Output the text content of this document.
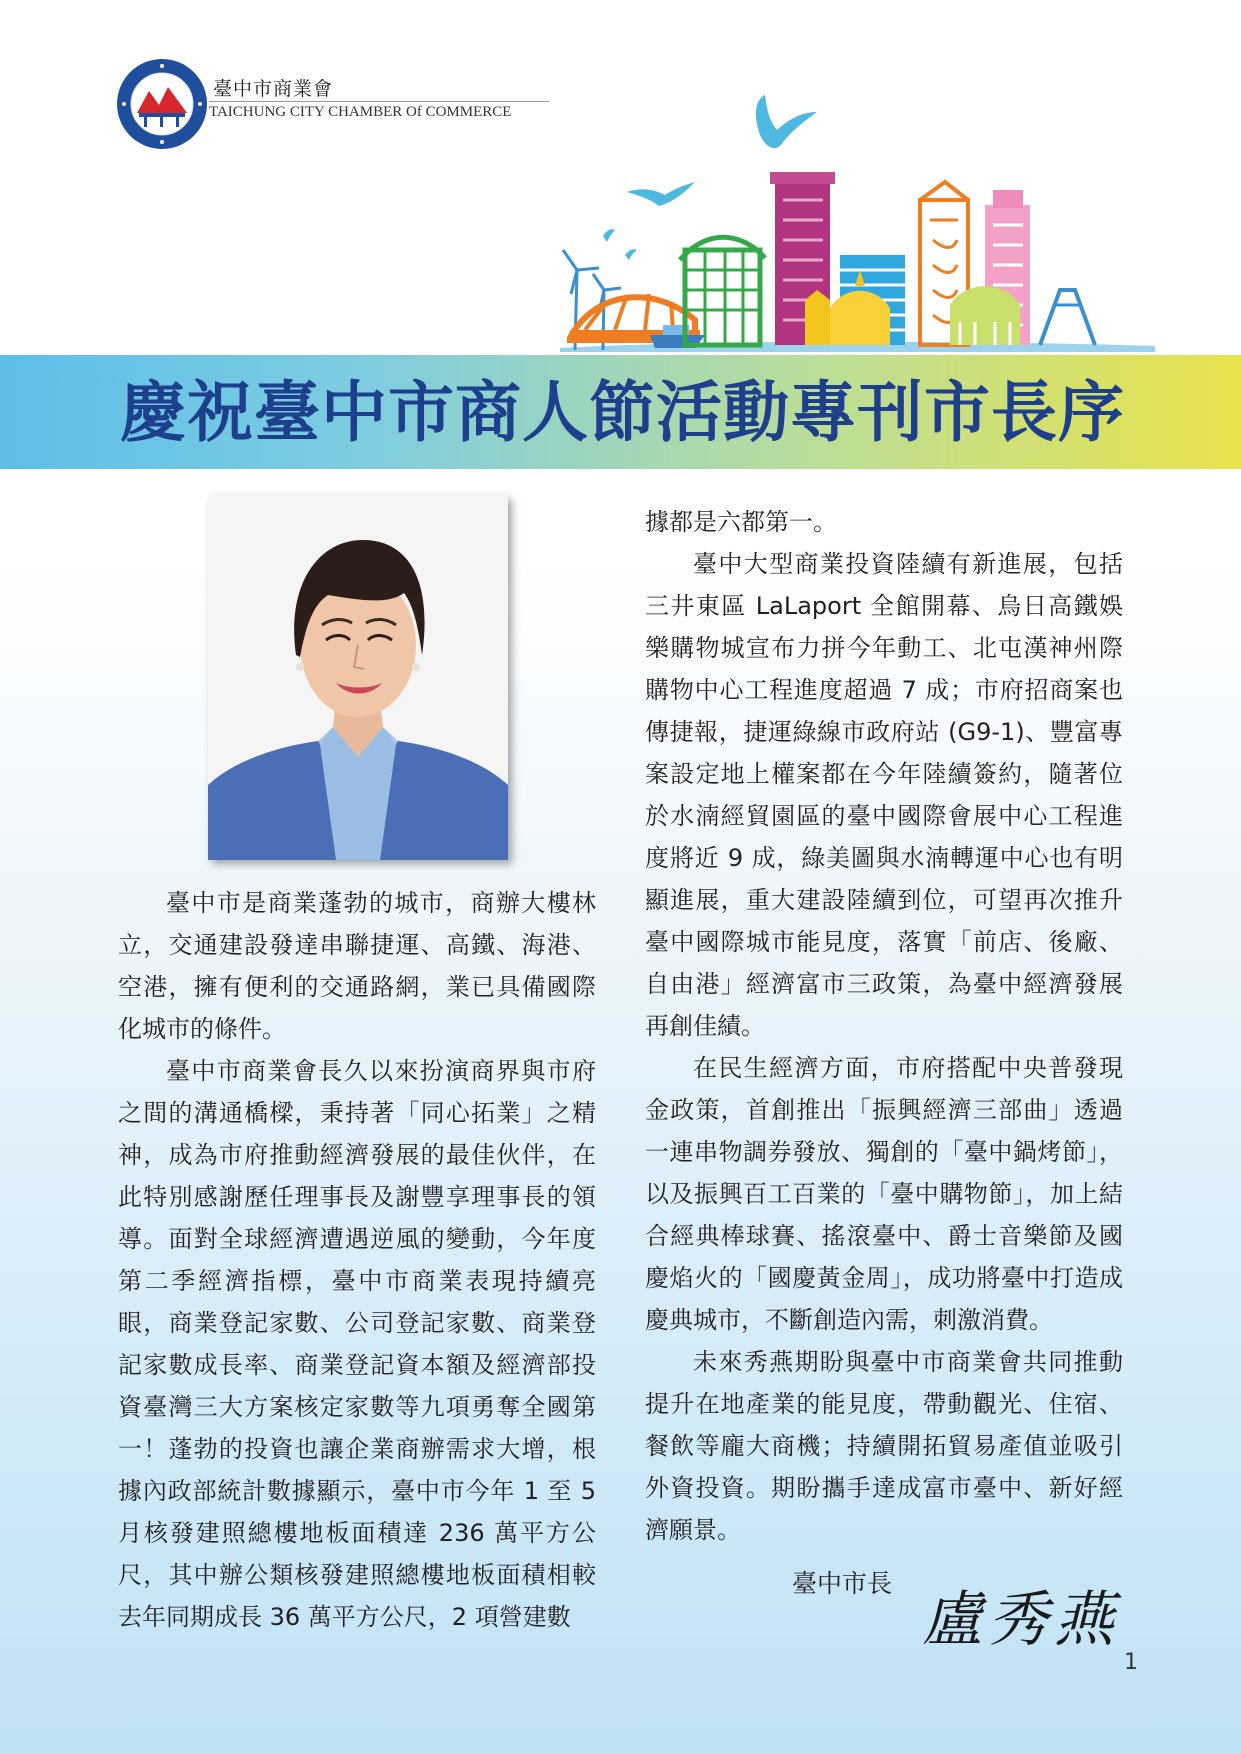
臺中市商業會
TAICHUNG CITY CHAMBER Of COMMERCE
慶祝臺中市商人節活動專刊市長序

臺中市是商業蓬勃的城市，商辦大樓林立，交通建設發達串聯捷運、高鐵、海港、空港，擁有便利的交通路網，業已具備國際化城市的條件。

臺中市商業會長久以來扮演商界與市府之間的溝通橋樑，秉持著「同心拓業」之精神，成為市府推動經濟發展的最佳伙伴，在此特別感謝歷任理事長及謝豐享理事長的領導。面對全球經濟遭遇逆風的變動，今年度第二季經濟指標，臺中市商業表現持續亮眼，商業登記家數、公司登記家數、商業登記家數成長率、商業登記資本額及經濟部投資臺灣三大方案核定家數等九項勇奪全國第一！蓬勃的投資也讓企業商辦需求大增，根據內政部統計數據顯示，臺中市今年 1 至 5 月核發建照總樓地板面積達 236 萬平方公尺，其中辦公類核發建照總樓地板面積相較去年同期成長 36 萬平方公尺，2 項營建數

據都是六都第一。

臺中大型商業投資陸續有新進展，包括三井東區 LaLaport 全館開幕、烏日高鐵娛樂購物城宣布力拼今年動工、北屯漢神州際購物中心工程進度超過 7 成；市府招商案也傳捷報，捷運綠線市政府站 (G9-1)、豐富專案設定地上權案都在今年陸續簽約，隨著位於水湳經貿園區的臺中國際會展中心工程進度將近 9 成，綠美圖與水湳轉運中心也有明顯進展，重大建設陸續到位，可望再次推升臺中國際城市能見度，落實「前店、後廠、自由港」經濟富市三政策，為臺中經濟發展再創佳績。

在民生經濟方面，市府搭配中央普發現金政策，首創推出「振興經濟三部曲」透過一連串物調券發放、獨創的「臺中鍋烤節」，以及振興百工百業的「臺中購物節」，加上結合經典棒球賽、搖滾臺中、爵士音樂節及國慶焰火的「國慶黃金周」，成功將臺中打造成慶典城市，不斷創造內需，刺激消費。

未來秀燕期盼與臺中市商業會共同推動提升在地產業的能見度，帶動觀光、住宿、餐飲等龐大商機；持續開拓貿易產值並吸引外資投資。期盼攜手達成富市臺中、新好經濟願景。

臺中市長
盧秀燕
1
